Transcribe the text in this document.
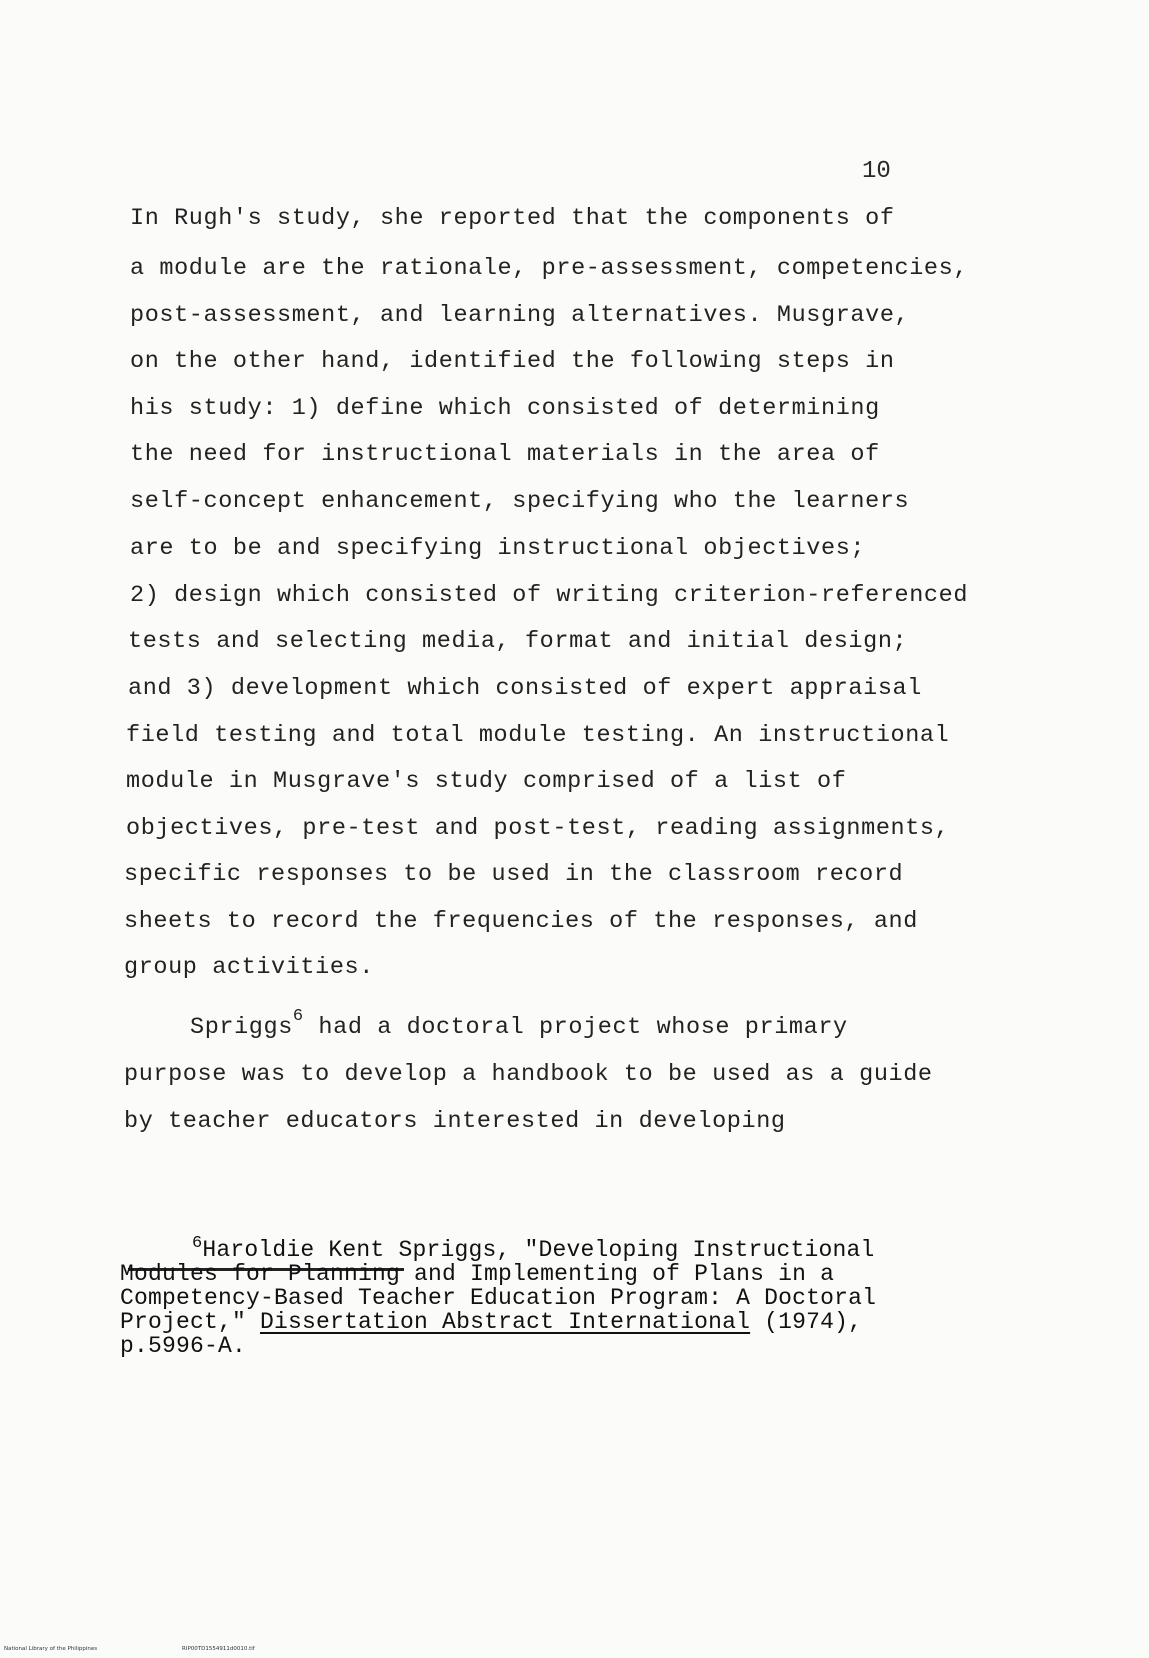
10
In Rugh's study, she reported that the components of
a module are the rationale, pre-assessment, competencies,
post-assessment, and learning alternatives. Musgrave,
on the other hand, identified the following steps in
his study: 1) define which consisted of determining
the need for instructional materials in the area of
self-concept enhancement, specifying who the learners
are to be and specifying instructional objectives;
2) design which consisted of writing criterion-referenced
tests and selecting media, format and initial design;
and 3) development which consisted of expert appraisal
field testing and total module testing. An instructional
module in Musgrave's study comprised of a list of
objectives, pre-test and post-test, reading assignments,
specific responses to be used in the classroom record
sheets to record the frequencies of the responses, and
group activities.
Spriggs$^6$ had a doctoral project whose primary
purpose was to develop a handbook to be used as a guide
by teacher educators interested in developing
$^6$Haroldie Kent Spriggs, "Developing Instructional
Modules for Planning and Implementing of Plans in a
Competency-Based Teacher Education Program: A Doctoral
Project," Dissertation Abstract International (1974),
p.5996-A.
National Library of the Philippines	RIP00TD1554911d0010.tif
